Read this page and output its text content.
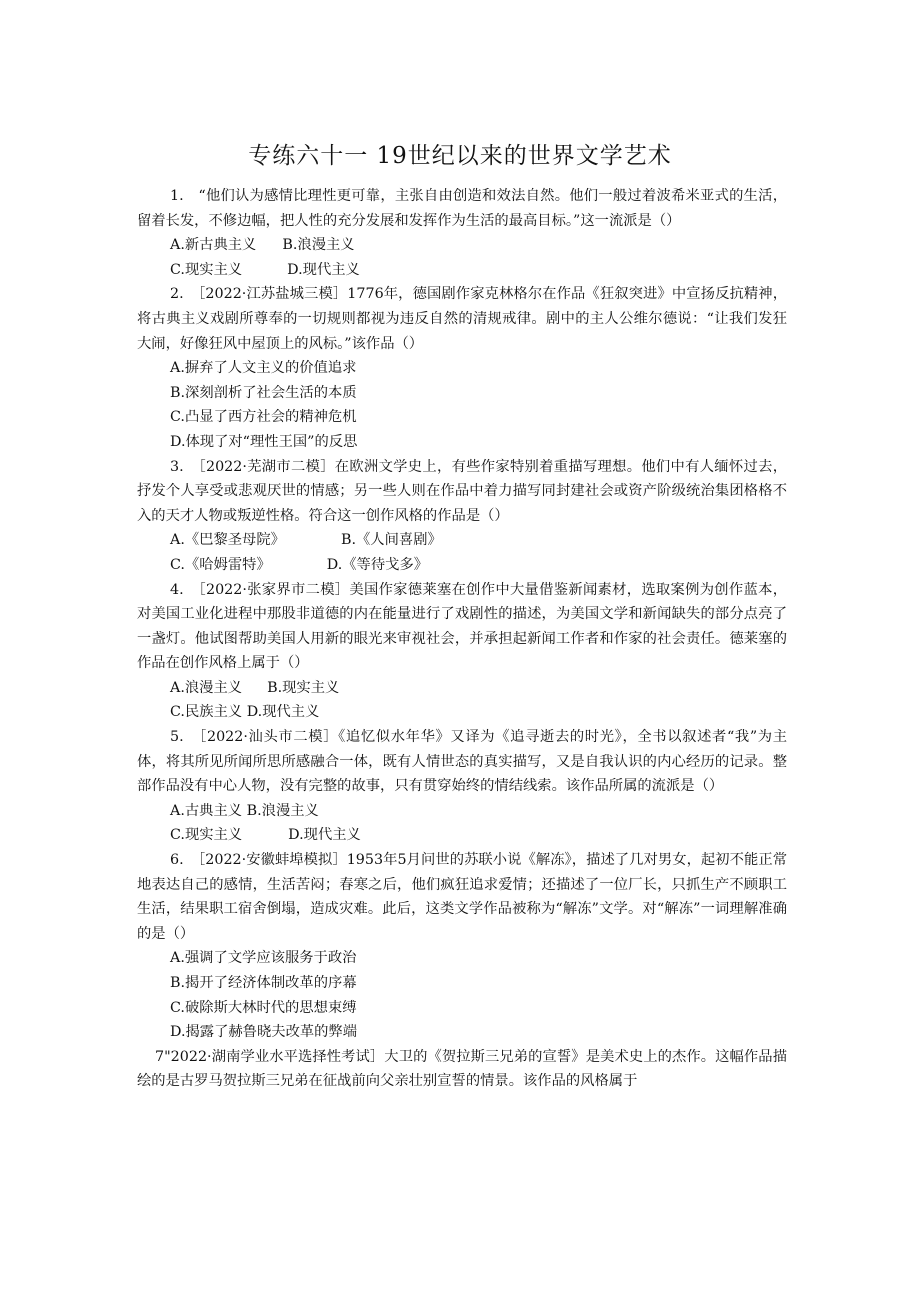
专练六十一 19世纪以来的世界文学艺术

1.　“他们认为感情比理性更可靠，主张自由创造和效法自然。他们一般过着波希米亚式的生活，留着长发，不修边幅，把人性的充分发展和发挥作为生活的最高目标。”这一流派是（）

A.新古典主义 B.浪漫主义

C.现实主义	D.现代主义

2.　［2022·江苏盐城三模］1776年，德国剧作家克林格尔在作品《狂叙突进》中宣扬反抗精神，将古典主义戏剧所尊奉的一切规则都视为违反自然的清规戒律。剧中的主人公维尔德说：“让我们发狂大闹，好像狂风中屋顶上的风标。”该作品（）

A.摒弃了人文主义的价值追求

B.深刻剖析了社会生活的本质

C.凸显了西方社会的精神危机

D.体现了对“理性王国”的反思

3.　［2022·芜湖市二模］在欧洲文学史上，有些作家特别着重描写理想。他们中有人缅怀过去，抒发个人享受或悲观厌世的情感；另一些人则在作品中着力描写同封建社会或资产阶级统治集团格格不入的天才人物或叛逆性格。符合这一创作风格的作品是（）

A.《巴黎圣母院》	B.《人间喜剧》

C.《哈姆雷特》	D.《等待戈多》

4.　［2022·张家界市二模］美国作家德莱塞在创作中大量借鉴新闻素材，选取案例为创作蓝本，对美国工业化进程中那股非道德的内在能量进行了戏剧性的描述，为美国文学和新闻缺失的部分点亮了一盏灯。他试图帮助美国人用新的眼光来审视社会，并承担起新闻工作者和作家的社会责任。德莱塞的作品在创作风格上属于（）

A.浪漫主义 B.现实主义

C.民族主义 D.现代主义

5.　［2022·汕头市二模］《追忆似水年华》又译为《追寻逝去的时光》，全书以叙述者“我”为主体，将其所见所闻所思所感融合一体，既有人情世态的真实描写，又是自我认识的内心经历的记录。整部作品没有中心人物，没有完整的故事，只有贯穿始终的情结线索。该作品所属的流派是（）

A.古典主义 B.浪漫主义

C.现实主义	D.现代主义

6.　［2022·安徽蚌埠模拟］1953年5月问世的苏联小说《解冻》，描述了几对男女，起初不能正常地表达自己的感情，生活苦闷；春寒之后，他们疯狂追求爱情；还描述了一位厂长，只抓生产不顾职工生活，结果职工宿舍倒塌，造成灾难。此后，这类文学作品被称为“解冻”文学。对“解冻”一词理解准确的是（）

A.强调了文学应该服务于政治

B.揭开了经济体制改革的序幕

C.破除斯大林时代的思想束缚

D.揭露了赫鲁晓夫改革的弊端

7"2022·湖南学业水平选择性考试］大卫的《贺拉斯三兄弟的宣誓》是美术史上的杰作。这幅作品描绘的是古罗马贺拉斯三兄弟在征战前向父亲壮别宣誓的情景。该作品的风格属于
